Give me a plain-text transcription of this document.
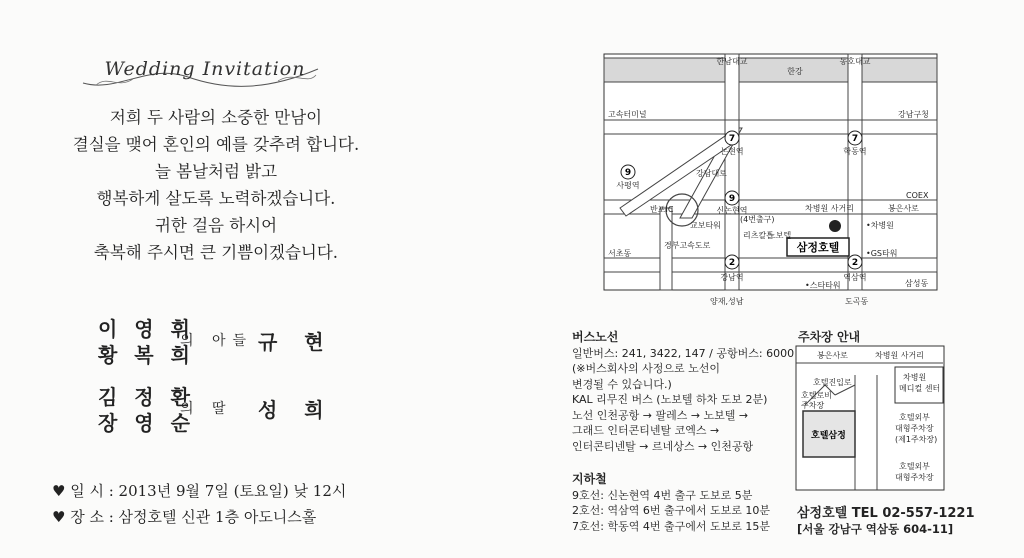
Wedding Invitation
저희 두 사람의 소중한 만남이
결실을 맺어 혼인의 예를 갖추려 합니다.
늘 봄날처럼 밝고
행복하게 살도록 노력하겠습니다.
귀한 걸음 하시어
축복해 주시면 큰 기쁨이겠습니다.
이 영 휘
황 복 희
의 아들 규 현
김 정 환
장 영 순
의 딸 성 희
♥ 일 시 : 2013년 9월 7일 (토요일) 낮 12시
♥ 장 소 : 삼정호텔 신관 1층 아도니스홀
7	7
9
9
2	2
삼정호텔
한남대교
한강
동호대교
고속터미널	강남구청
논현역	학동역
사평역
강남대로
COEX
반포IC	신논현역
교보타워
(4번출구)
차병원 사거리	봉은사로
•차병원
리츠칼튼
노보텔
•GS타워
서초동
경부고속도로
강남역	역삼역
삼성동
•스타타워
양재,성남	도곡동
버스노선
일반버스: 241, 3422, 147 / 공항버스: 6000
(※버스회사의 사정으로 노선이
변경될 수 있습니다.)
KAL 리무진 버스 (노보텔 하차 도보 2분)
노선 인천공항 → 팔레스 → 노보텔 →
그래드 인터콘티넨탈 코엑스 →
인터콘티넨탈 → 르네상스 → 인천공항
지하철
9호선: 신논현역 4번 출구 도보로 5분
2호선: 역삼역 6번 출구에서 도보로 10분
7호선: 학동역 4번 출구에서 도보로 15분
주차장 안내
봉은사로	차병원 사거리
호텔진입로
호텔로비
주차장
차병원
메디컬 센터
호텔외부
대형주차장
(제1주차장)
호텔외부
대형주차장
호텔삼정
삼정호텔 TEL 02-557-1221
[서울 강남구 역삼동 604-11]
